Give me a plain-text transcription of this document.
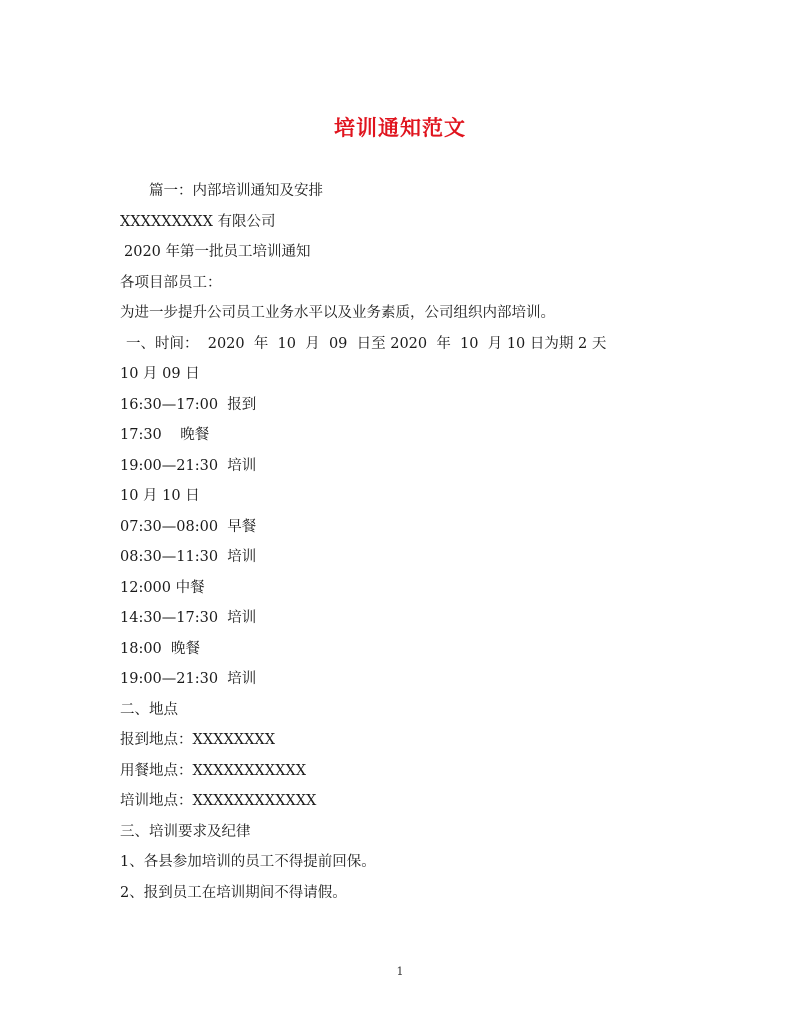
培训通知范文
篇一：内部培训通知及安排
XXXXXXXXX 有限公司
2020 年第一批员工培训通知
各项目部员工：
为进一步提升公司员工业务水平以及业务素质，公司组织内部培训。
一、时间：  2020  年  10  月  09  日至 2020  年  10  月 10 日为期 2 天
10 月 09 日
16:30—17:00  报到
17:30    晚餐
19:00—21:30  培训
10 月 10 日
07:30—08:00  早餐
08:30—11:30  培训
12:000 中餐
14:30—17:30  培训
18:00  晚餐
19:00—21:30  培训
二、地点
报到地点：XXXXXXXX
用餐地点：XXXXXXXXXXX
培训地点：XXXXXXXXXXXX
三、培训要求及纪律
1、各县参加培训的员工不得提前回保。
2、报到员工在培训期间不得请假。
1
